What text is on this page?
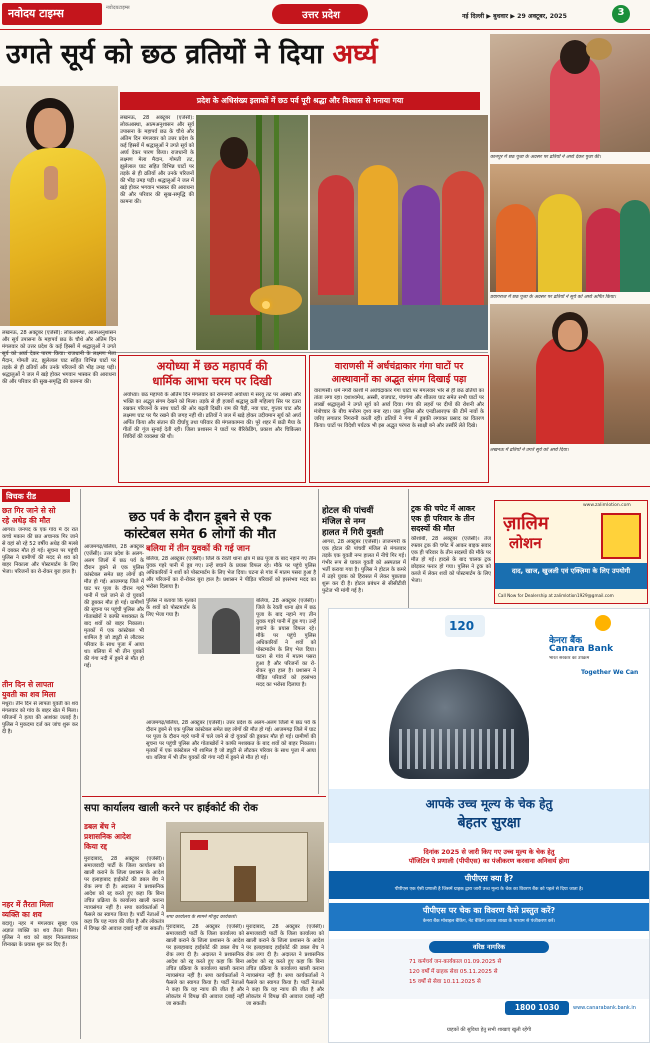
नवोदय टाइम्स	नवोदयटाइम्स
उत्तर प्रदेश	नई दिल्ली ▶ बुधवार ▶ 29 अक्टूबर, 2025	3
उगते सूर्य को छठ व्रतियों ने दिया अर्घ्य
प्रदेश के अधिसंख्य इलाकों में छठ पर्व पूरी श्रद्धा और विश्वास से मनाया गया
लखनऊ, 28 अक्टूबर (एजेंसी): लोकआस्था, आत्मअनुशासन और सूर्य उपासना के महापर्व छठ के चौथे और अंतिम दिन मंगलवार को उत्तर प्रदेश के कई हिस्सों में श्रद्धालुओं ने उगते सूर्य को अर्घ्य देकर पारण किया। राजधानी के लक्ष्मण मेला मैदान, गोमती तट, झूलेलाल घाट सहित विभिन्न घाटों पर तड़के से ही व्रतियों और उनके परिजनों की भीड़ उमड़ पड़ी। श्रद्धालुओं ने जल में खड़े होकर भगवान भास्कर की आराधना की और परिवार की सुख-समृद्धि की कामना की।
कानपुर में छठ पूजा के अवसर पर व्रतियों ने अर्घ्य देकर पूजा की।
प्रयागराज में छठ पूजा के अवसर पर व्रतियों ने सूर्य को अर्घ्य अर्पित किया।
अयोध्या में छठ महापर्व की
धार्मिक आभा चरम पर दिखी
अयोध्या। छठ महापर्व के अंतिम दिन मंगलवार को रामनगरी अयोध्या में सरयू तट पर आस्था और भक्ति का अद्भुत संगम देखने को मिला। तड़के से ही हजारों श्रद्धालु व्रती महिलाएं सिर पर दउरा रखकर परिजनों के साथ घाटों की ओर बढ़ती दिखीं। राम की पैड़ी, नया घाट, गुप्तार घाट और लक्ष्मण घाट पर पैर रखने की जगह नहीं थी। व्रतियों ने जल में खड़े होकर उदीयमान सूर्य को अर्घ्य अर्पित किया और संतान की दीर्घायु तथा परिवार की मंगलकामना की। पूरे शहर में छठी मैया के गीतों की गूंज सुनाई देती रही। जिला प्रशासन ने घाटों पर बैरिकेडिंग, प्रकाश और चिकित्सा शिविरों की व्यवस्था की थी।
वाराणसी में अर्धचंद्राकार गंगा घाटों पर
आस्थावानों का अद्भुत संगम दिखाई पड़ा
वाराणसी। धर्म नगरी काशी में अर्धचंद्राकार गंगा घाटों पर मंगलवार भोर से ही छठ व्रतियों का तांता लगा रहा। दशाश्वमेध, अस्सी, राजघाट, पंचगंगा और शीतला घाट समेत सभी घाटों पर लाखों श्रद्धालुओं ने उगते सूर्य को अर्घ्य दिया। गंगा की लहरों पर दीपों की रोशनी और मंत्रोच्चार के बीच मनोरम दृश्य बना रहा। जल पुलिस और एनडीआरएफ की टीमें नावों के जरिए लगातार निगरानी करती रहीं। व्रतियों ने गंगा में डुबकी लगाकर प्रसाद का वितरण किया। घाटों पर विदेशी पर्यटक भी इस अद्भुत परंपरा के साक्षी बने और तस्वीरें लेते दिखे।
लखनऊ में व्रतियों ने उगते सूर्य को अर्घ्य दिया।
लखनऊ, 28 अक्टूबर (एजेंसी): लोकआस्था, आत्मअनुशासन और सूर्य उपासना के महापर्व छठ के चौथे और अंतिम दिन मंगलवार को उत्तर प्रदेश के कई हिस्सों में श्रद्धालुओं ने उगते सूर्य को अर्घ्य देकर पारण किया। राजधानी के लक्ष्मण मेला मैदान, गोमती तट, झूलेलाल घाट सहित विभिन्न घाटों पर तड़के से ही व्रतियों और उनके परिजनों की भीड़ उमड़ पड़ी। श्रद्धालुओं ने जल में खड़े होकर भगवान भास्कर की आराधना की और परिवार की सुख-समृद्धि की कामना की।
विचक रीड
छत गिर जाने से सो
रहे अधेड़ की मौत
आगरा। जनपद के एक गांव में देर रात कच्चे मकान की छत अचानक गिर जाने से वहां सो रहे 52 वर्षीय अधेड़ की मलबे में दबकर मौत हो गई। सूचना पर पहुंची पुलिस ने ग्रामीणों की मदद से शव को बाहर निकाला और पोस्टमार्टम के लिए भेजा। परिजनों का रो-रोकर बुरा हाल है।
तीन दिन से लापता
युवती का शव मिला
मथुरा। तीन दिन से लापता युवती का शव मंगलवार को गांव के बाहर खेत में मिला। परिजनों ने हत्या की आशंका जताई है। पुलिस ने मुकदमा दर्ज कर जांच शुरू कर दी है।
नहर में तैरता मिला
व्यक्ति का शव
बदायूं। नहर में मंगलवार सुबह एक अज्ञात व्यक्ति का शव तैरता मिला। पुलिस ने शव को बाहर निकलवाकर शिनाख्त के प्रयास शुरू कर दिए हैं।
छठ पर्व के दौरान डूबने से एक
कांस्टेबल समेत 6 लोगों की मौत
आजमगढ़/बलिया, 28 अक्टूबर (एजेंसी)। उत्तर प्रदेश के अलग-अलग जिलों में छठ पर्व के दौरान डूबने से एक पुलिस कांस्टेबल समेत छह लोगों की मौत हो गई। आजमगढ़ जिले में घाट पर पूजा के दौरान गहरे पानी में चले जाने से दो युवकों की डूबकर मौत हो गई। ग्रामीणों की सूचना पर पहुंची पुलिस और गोताखोरों ने काफी मशक्कत के बाद शवों को बाहर निकाला। मृतकों में एक कांस्टेबल भी शामिल है जो ड्यूटी से लौटकर परिवार के साथ पूजा में आया था। बलिया में भी तीन युवकों की गंगा नदी में डूबने से मौत हो गई।
बलिया में तीन युवकों की गई जान
बलिया, 28 अक्टूबर (एजेंसी)। जिले के रेवती थाना क्षेत्र में छठ पूजा के बाद नहाने गए तीन युवक गहरे पानी में डूब गए। उन्हें बचाने के प्रयास विफल रहे। मौके पर पहुंचे पुलिस अधिकारियों ने शवों को पोस्टमार्टम के लिए भेज दिया। घटना से गांव में मातम पसरा हुआ है और परिजनों का रो-रोकर बुरा हाल है। प्रशासन ने पीड़ित परिवारों को हरसंभव मदद का भरोसा दिलाया है।
पुलिस ने बताया कि मृतकों के शवों को पोस्टमार्टम के लिए भेजा गया है।
बलिया, 28 अक्टूबर (एजेंसी)। जिले के रेवती थाना क्षेत्र में छठ पूजा के बाद नहाने गए तीन युवक गहरे पानी में डूब गए। उन्हें बचाने के प्रयास विफल रहे। मौके पर पहुंचे पुलिस अधिकारियों ने शवों को पोस्टमार्टम के लिए भेज दिया। घटना से गांव में मातम पसरा हुआ है और परिजनों का रो-रोकर बुरा हाल है। प्रशासन ने पीड़ित परिवारों को हरसंभव मदद का भरोसा दिलाया है।
आजमगढ़/बलिया, 28 अक्टूबर (एजेंसी)। उत्तर प्रदेश के अलग-अलग जिलों में छठ पर्व के दौरान डूबने से एक पुलिस कांस्टेबल समेत छह लोगों की मौत हो गई। आजमगढ़ जिले में घाट पर पूजा के दौरान गहरे पानी में चले जाने से दो युवकों की डूबकर मौत हो गई। ग्रामीणों की सूचना पर पहुंची पुलिस और गोताखोरों ने काफी मशक्कत के बाद शवों को बाहर निकाला। मृतकों में एक कांस्टेबल भी शामिल है जो ड्यूटी से लौटकर परिवार के साथ पूजा में आया था। बलिया में भी तीन युवकों की गंगा नदी में डूबने से मौत हो गई।
होटल की पांचवीं
मंजिल से नग्न
हालत में गिरी युवती
आगरा, 28 अक्टूबर (एजेंसी)। ताजनगरी के एक होटल की पांचवीं मंजिल से मंगलवार तड़के एक युवती नग्न हालत में नीचे गिर गई। गंभीर रूप से घायल युवती को अस्पताल में भर्ती कराया गया है। पुलिस ने होटल के कमरे में ठहरे युवक को हिरासत में लेकर पूछताछ शुरू कर दी है। होटल प्रबंधन से सीसीटीवी फुटेज भी मांगी गई है।
ट्रक की चपेट में आकर
एक ही परिवार के तीन
सदस्यों की मौत
कौशांबी, 28 अक्टूबर (एजेंसी)। तेज रफ्तार ट्रक की चपेट में आकर बाइक सवार एक ही परिवार के तीन सदस्यों की मौके पर मौत हो गई। हादसे के बाद चालक ट्रक छोड़कर फरार हो गया। पुलिस ने ट्रक को कब्जे में लेकर शवों को पोस्टमार्टम के लिए भेजा।
www.zalimlotion.com
ज़ालिम
लोशन
दाद, खाज, खुजली एवं एक्ज़िमा के लिए उपयोगी
Call Now for Dealership at zalimlotion1929@gmail.com
120
केनरा बैंक
Canara Bank
भारत सरकार का उपक्रम
Together We Can
आपके उच्च मूल्य के चेक हेतु
बेहतर सुरक्षा
दिनांक 2025 से जारी किए गए उच्च मूल्य के चेक हेतु
पॉजिटिव पे प्रणाली (पीपीएस) का पंजीकरण करवाना अनिवार्य होगा
पीपीएस क्या है?
पीपीएस एक ऐसी प्रणाली है जिसमें ग्राहक द्वारा जारी उच्च मूल्य के चेक का विवरण बैंक को पहले से दिया जाता है।
पीपीएस पर चेक का विवरण कैसे प्रस्तुत करें?
केनरा बैंक मोबाइल बैंकिंग, नेट बैंकिंग अथवा शाखा के माध्यम से पंजीकरण करें।
वरिष्ठ नागरिक
71 कर्मचर्य जन-कार्यकाल 01.09.2025 से
120 वर्षों में ग्राहक सेवा 05.11.2025 से
15 वर्षों से सेवा 10.11.2025 से
1800 1030	www.canarabank.bank.in
ग्राहकों की सुविधा हेतु सभी शाखाएं खुली रहेंगी
सपा कार्यालय खाली करने पर हाईकोर्ट की रोक
डबल बेंच ने
प्रशासनिक आदेश
किया रद्द
मुरादाबाद, 28 अक्टूबर (एजेंसी)। समाजवादी पार्टी के जिला कार्यालय को खाली कराने के जिला प्रशासन के आदेश पर इलाहाबाद हाईकोर्ट की डबल बेंच ने रोक लगा दी है। अदालत ने प्रशासनिक आदेश को रद्द करते हुए कहा कि बिना उचित प्रक्रिया के कार्यालय खाली कराना न्यायसंगत नहीं है। सपा कार्यकर्ताओं ने फैसले का स्वागत किया है। पार्टी नेताओं ने कहा कि यह न्याय की जीत है और लोकतंत्र में विपक्ष की आवाज दबाई नहीं जा सकती।
सपा कार्यालय के सामने मौजूद कार्यकर्ता।
मुरादाबाद, 28 अक्टूबर (एजेंसी)। समाजवादी पार्टी के जिला कार्यालय को खाली कराने के जिला प्रशासन के आदेश पर इलाहाबाद हाईकोर्ट की डबल बेंच ने रोक लगा दी है। अदालत ने प्रशासनिक आदेश को रद्द करते हुए कहा कि बिना उचित प्रक्रिया के कार्यालय खाली कराना न्यायसंगत नहीं है। सपा कार्यकर्ताओं ने फैसले का स्वागत किया है। पार्टी नेताओं ने कहा कि यह न्याय की जीत है और लोकतंत्र में विपक्ष की आवाज दबाई नहीं जा सकती।
मुरादाबाद, 28 अक्टूबर (एजेंसी)। समाजवादी पार्टी के जिला कार्यालय को खाली कराने के जिला प्रशासन के आदेश पर इलाहाबाद हाईकोर्ट की डबल बेंच ने रोक लगा दी है। अदालत ने प्रशासनिक आदेश को रद्द करते हुए कहा कि बिना उचित प्रक्रिया के कार्यालय खाली कराना न्यायसंगत नहीं है। सपा कार्यकर्ताओं ने फैसले का स्वागत किया है। पार्टी नेताओं ने कहा कि यह न्याय की जीत है और लोकतंत्र में विपक्ष की आवाज दबाई नहीं जा सकती।
